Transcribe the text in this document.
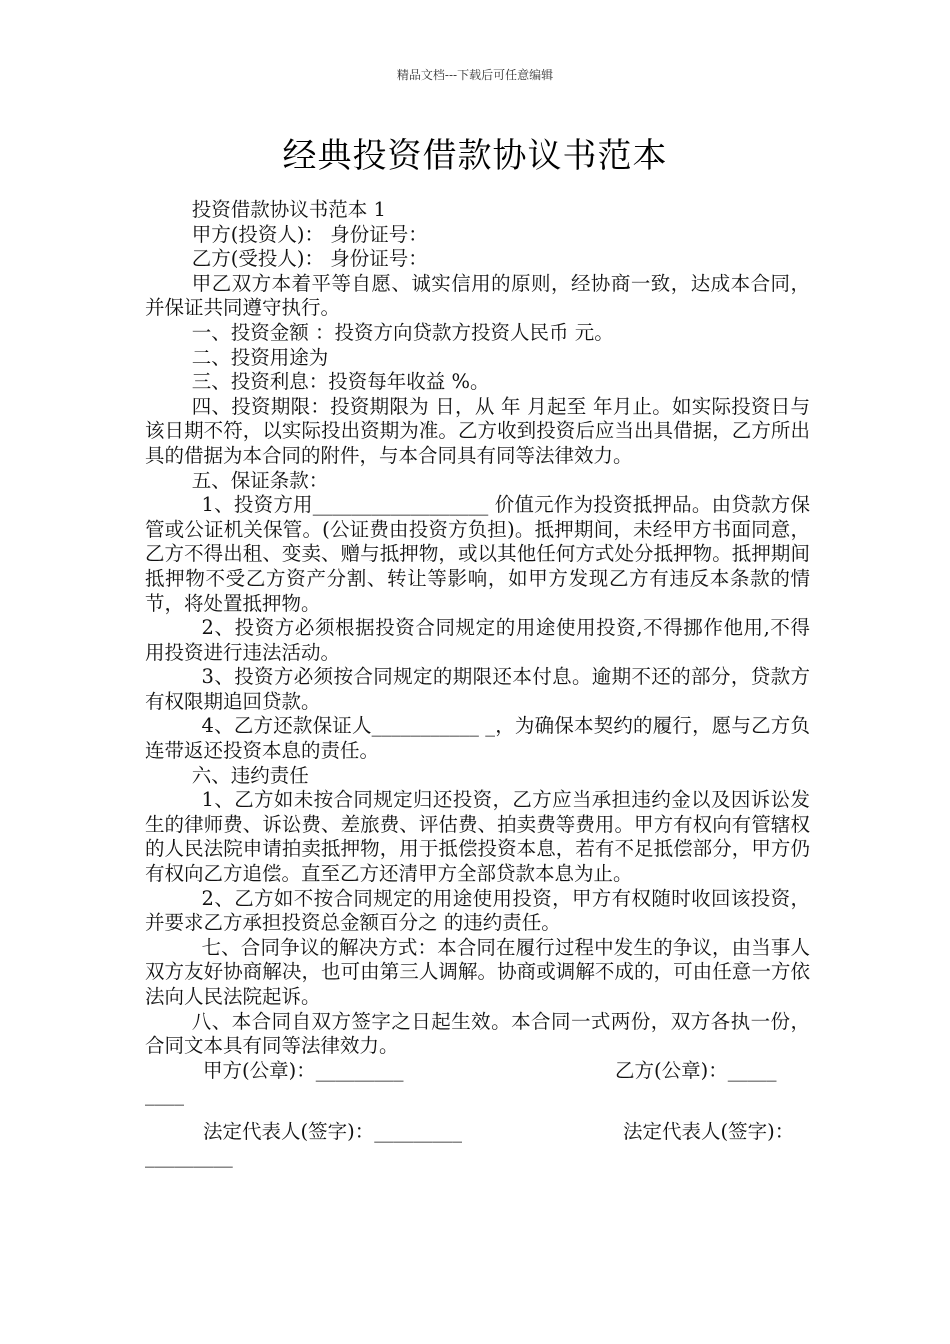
精品文档---下载后可任意编辑
经典投资借款协议书范本

投资借款协议书范本 1

甲方(投资人)： 身份证号：

乙方(受投人)： 身份证号：

甲乙双方本着平等自愿、诚实信用的原则，经协商一致，达成本合同，并保证共同遵守执行。

一、投资金额 ：投资方向贷款方投资人民币 元。

二、投资用途为

三、投资利息：投资每年收益 %。

四、投资期限：投资期限为 日，从 年 月起至 年月止。如实际投资日与该日期不符，以实际投出资期为准。乙方收到投资后应当出具借据，乙方所出具的借据为本合同的附件，与本合同具有同等法律效力。

五、保证条款：

1、投资方用__________________ 价值元作为投资抵押品。由贷款方保管或公证机关保管。(公证费由投资方负担)。抵押期间，未经甲方书面同意，乙方不得出租、变卖、赠与抵押物，或以其他任何方式处分抵押物。抵押期间抵押物不受乙方资产分割、转让等影响，如甲方发现乙方有违反本条款的情节，将处置抵押物。

2、投资方必须根据投资合同规定的用途使用投资,不得挪作他用,不得用投资进行违法活动。

3、投资方必须按合同规定的期限还本付息。逾期不还的部分，贷款方有权限期追回贷款。

4、乙方还款保证人___________ _，为确保本契约的履行，愿与乙方负连带返还投资本息的责任。

六、违约责任

1、乙方如未按合同规定归还投资，乙方应当承担违约金以及因诉讼发生的律师费、诉讼费、差旅费、评估费、拍卖费等费用。甲方有权向有管辖权的人民法院申请拍卖抵押物，用于抵偿投资本息，若有不足抵偿部分，甲方仍有权向乙方追偿。直至乙方还清甲方全部贷款本息为止。

2、乙方如不按合同规定的用途使用投资，甲方有权随时收回该投资，并要求乙方承担投资总金额百分之 的违约责任。

七、合同争议的解决方式：本合同在履行过程中发生的争议，由当事人双方友好协商解决，也可由第三人调解。协商或调解不成的，可由任意一方依法向人民法院起诉。

八、本合同自双方签字之日起生效。本合同一式两份，双方各执一份，合同文本具有同等法律效力。

甲方(公章)：_________	乙方(公章)：_____
____
法定代表人(签字)：_________	法定代表人(签字)：
_________
